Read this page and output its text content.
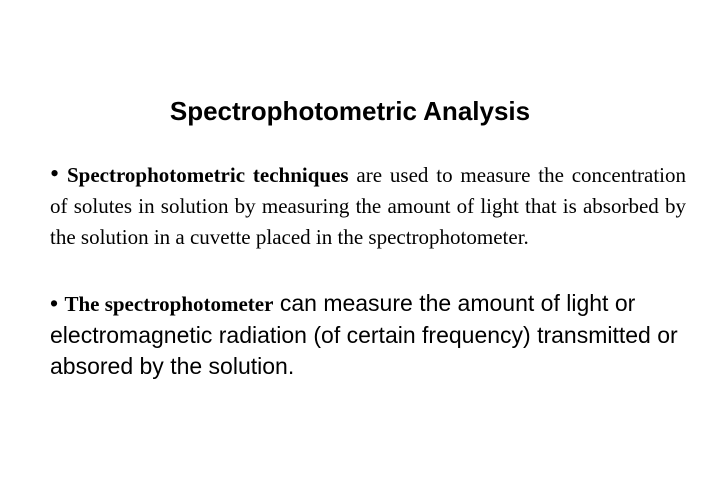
Spectrophotometric Analysis
• Spectrophotometric techniques are used to measure the concentration of solutes in solution by measuring the amount of light that is absorbed by the solution in a cuvette placed in the spectrophotometer.
• The spectrophotometer can measure the amount of light or electromagnetic radiation (of certain frequency) transmitted or absored by the solution.
